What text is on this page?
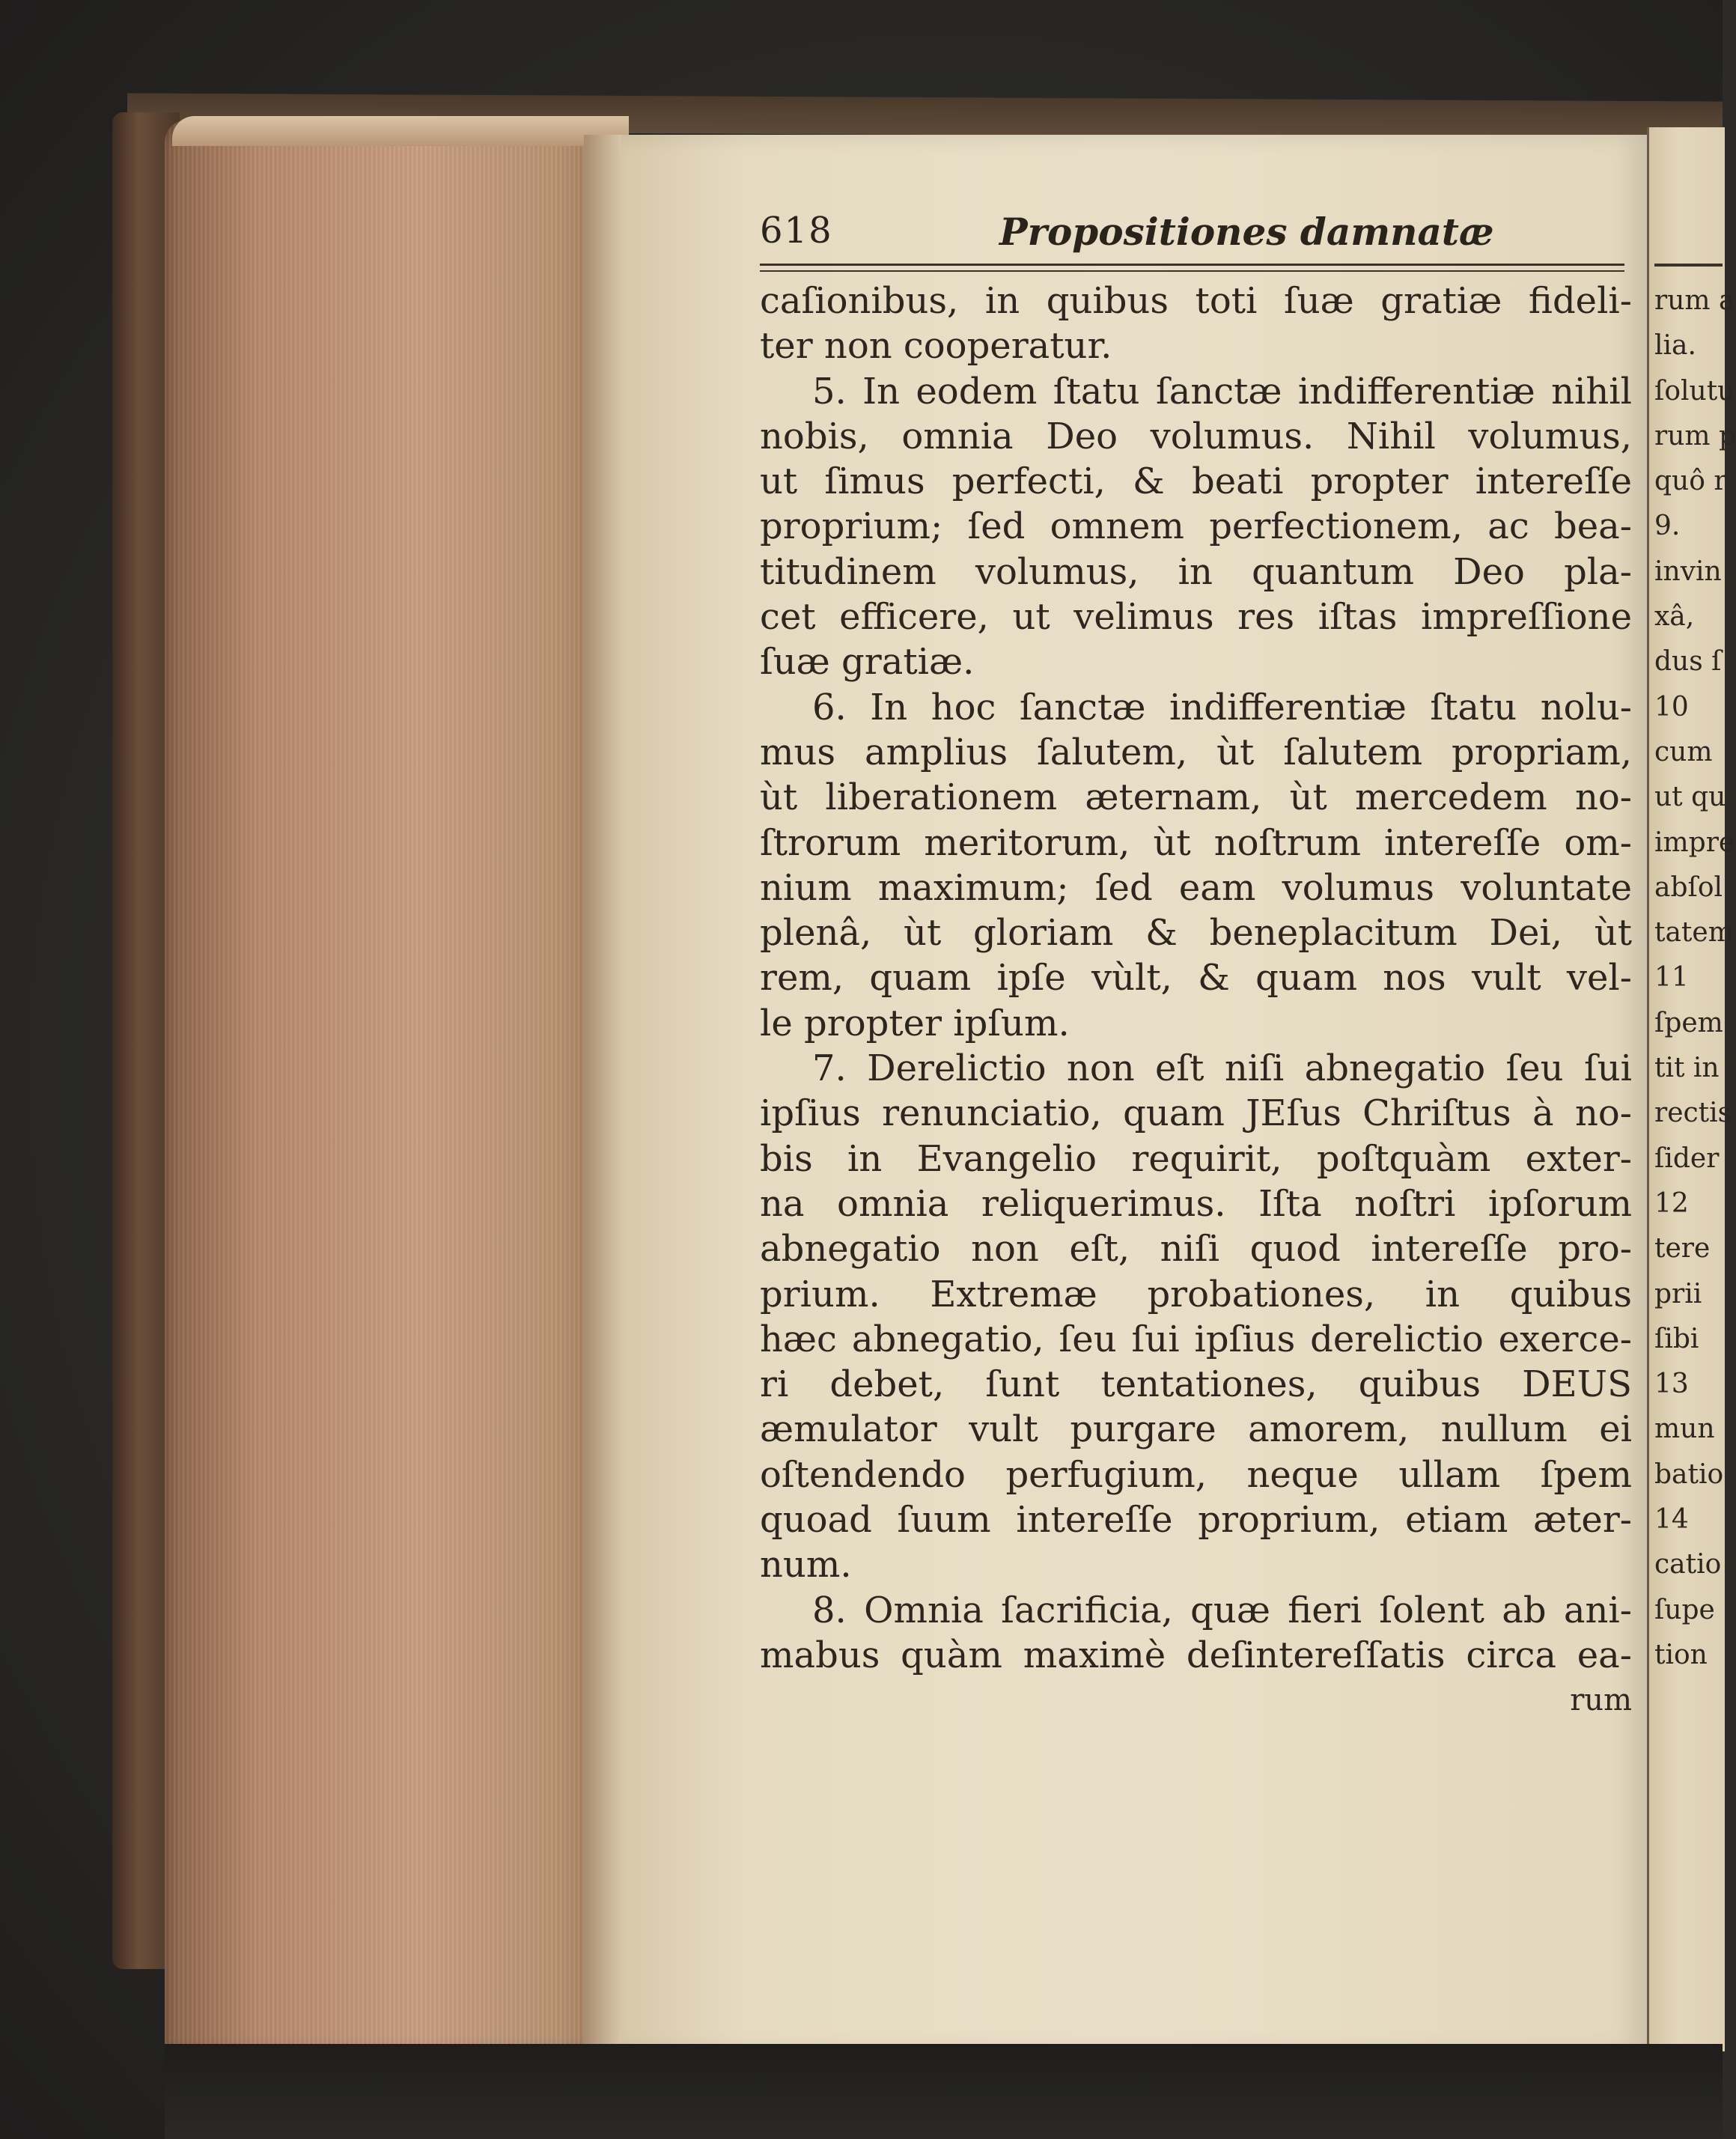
618	Propositiones damnatæ
caſionibus, in quibus toti ſuæ gratiæ fideli-
ter non cooperatur.
5. In eodem ſtatu ſanctæ indifferentiæ nihil
nobis, omnia Deo volumus. Nihil volumus,
ut ſimus perfecti, & beati propter intereſſe
proprium; ſed omnem perfectionem, ac bea-
titudinem volumus, in quantum Deo pla-
cet efficere, ut velimus res iſtas impreſſione
ſuæ gratiæ.
6. In hoc ſanctæ indifferentiæ ſtatu nolu-
mus amplius ſalutem, ùt ſalutem propriam,
ùt liberationem æternam, ùt mercedem no-
ſtrorum meritorum, ùt noſtrum intereſſe om-
nium maximum; ſed eam volumus voluntate
plenâ, ùt gloriam & beneplacitum Dei, ùt
rem, quam ipſe vùlt, & quam nos vult vel-
le propter ipſum.
7. Derelictio non eſt niſi abnegatio ſeu ſui
ipſius renunciatio, quam JEſus Chriſtus à no-
bis in Evangelio requirit, poſtquàm exter-
na omnia reliquerimus. Iſta noſtri ipſorum
abnegatio non eſt, niſi quod intereſſe pro-
prium. Extremæ probationes, in quibus
hæc abnegatio, ſeu ſui ipſius derelictio exerce-
ri debet, ſunt tentationes, quibus DEUS
æmulator vult purgare amorem, nullum ei
oſtendendo perfugium, neque ullam ſpem
quoad ſuum intereſſe proprium, etiam æter-
num.
8. Omnia ſacrificia, quæ fieri ſolent ab ani-
mabus quàm maximè deſintereſſatis circa ea-
rum
rum a
lia.
ſolutu
rum p
quô r
9.
invin
xâ,
dus ſ
10
cum
ut qu
impre
abſol
tatem
11
ſpem
tit in
rectis
ſider
12
tere
prii
ſibi
13
mun
batio
14
catio
ſupe
tion
